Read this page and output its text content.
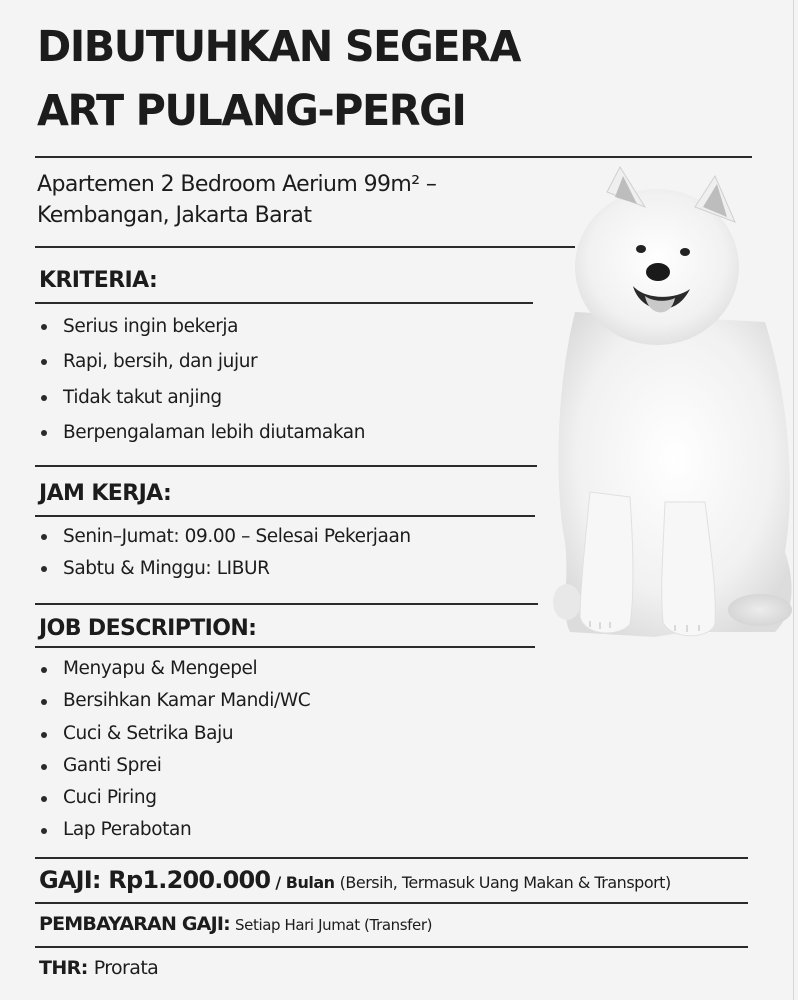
DIBUTUHKAN SEGERA
ART PULANG-PERGI
Apartemen 2 Bedroom Aerium 99m² –
Kembangan, Jakarta Barat
KRITERIA:
Serius ingin bekerja
Rapi, bersih, dan jujur
Tidak takut anjing
Berpengalaman lebih diutamakan
JAM KERJA:
Senin–Jumat: 09.00 – Selesai Pekerjaan
Sabtu & Minggu: LIBUR
JOB DESCRIPTION:
Menyapu & Mengepel
Bersihkan Kamar Mandi/WC
Cuci & Setrika Baju
Ganti Sprei
Cuci Piring
Lap Perabotan
GAJI: Rp1.200.000 / Bulan (Bersih, Termasuk Uang Makan & Transport)
PEMBAYARAN GAJI: Setiap Hari Jumat (Transfer)
THR: Prorata
